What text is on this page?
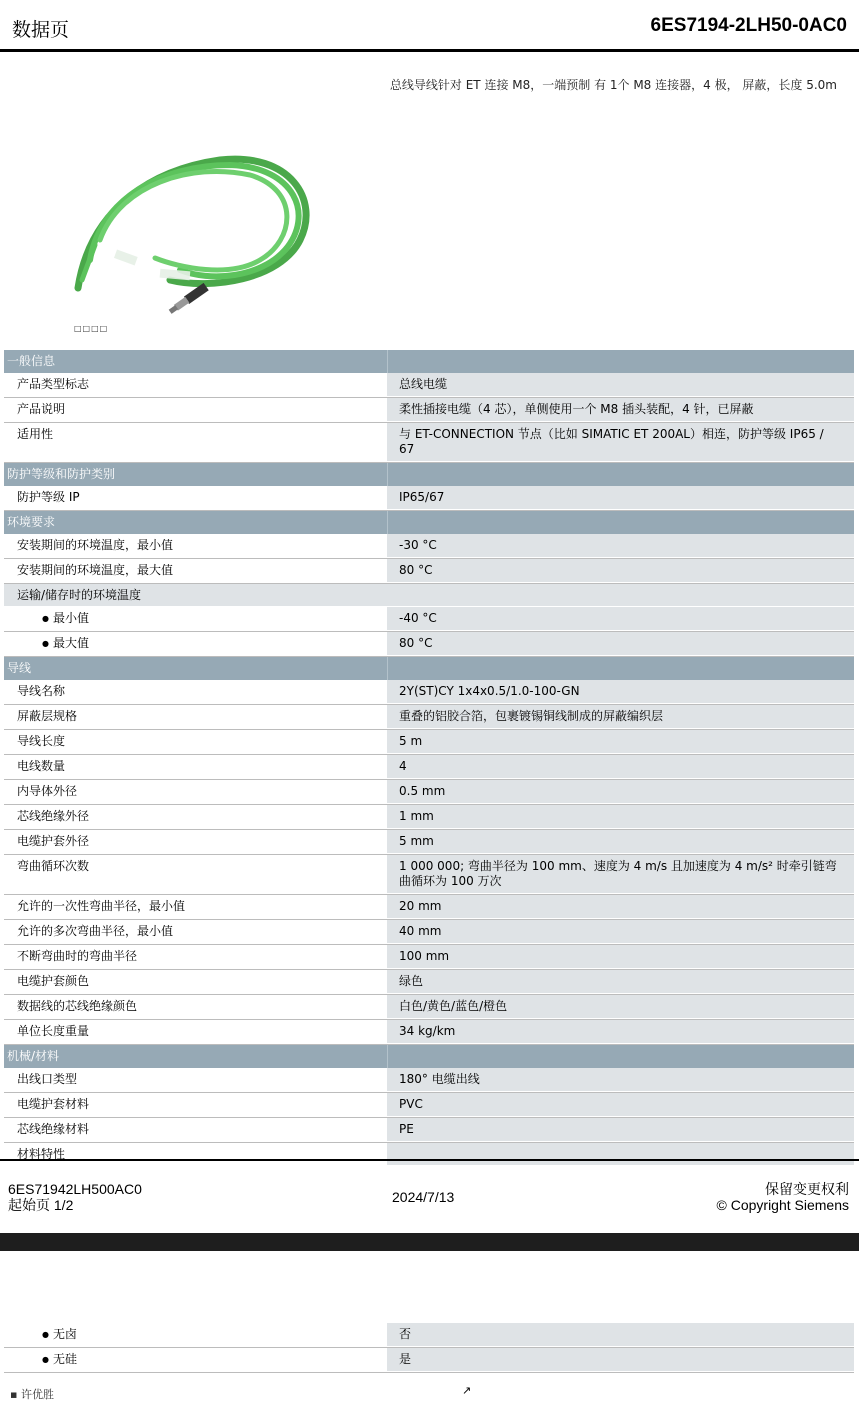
数据页	6ES7194-2LH50-0AC0
总线导线针对 ET 连接 M8，一端预制 有 1个 M8 连接器，4 极， 屏蔽，长度 5.0m
□□□□
一般信息
产品类型标志	总线电缆
产品说明	柔性插接电缆（4 芯），单侧使用一个 M8 插头装配，4 针，已屏蔽
适用性	与 ET-CONNECTION 节点（比如 SIMATIC ET 200AL）相连，防护等级 IP65 / 67
防护等级和防护类别
防护等级 IP	IP65/67
环境要求
安装期间的环境温度，最小值	-30 °C
安装期间的环境温度，最大值	80 °C
运输/储存时的环境温度
● 最小值	-40 °C
● 最大值	80 °C
导线
导线名称	2Y(ST)CY 1x4x0.5/1.0-100-GN
屏蔽层规格	重叠的铝胶合箔，包裹镀锡铜线制成的屏蔽编织层
导线长度	5 m
电线数量	4
内导体外径	0.5 mm
芯线绝缘外径	1 mm
电缆护套外径	5 mm
弯曲循环次数	1 000 000; 弯曲半径为 100 mm、速度为 4 m/s 且加速度为 4 m/s² 时牵引链弯曲循环为 100 万次
允许的一次性弯曲半径，最小值	20 mm
允许的多次弯曲半径，最小值	40 mm
不断弯曲时的弯曲半径	100 mm
电缆护套颜色	绿色
数据线的芯线绝缘颜色	白色/黄色/蓝色/橙色
单位长度重量	34 kg/km
机械/材料
出线口类型	180° 电缆出线
电缆护套材料	PVC
芯线绝缘材料	PE
材料特性
6ES71942LH500AC0
起始页 1/2	2024/7/13	保留变更权利
© Copyright Siemens
● 无卤	否
● 无硅	是
▪ 许优胜	↗
